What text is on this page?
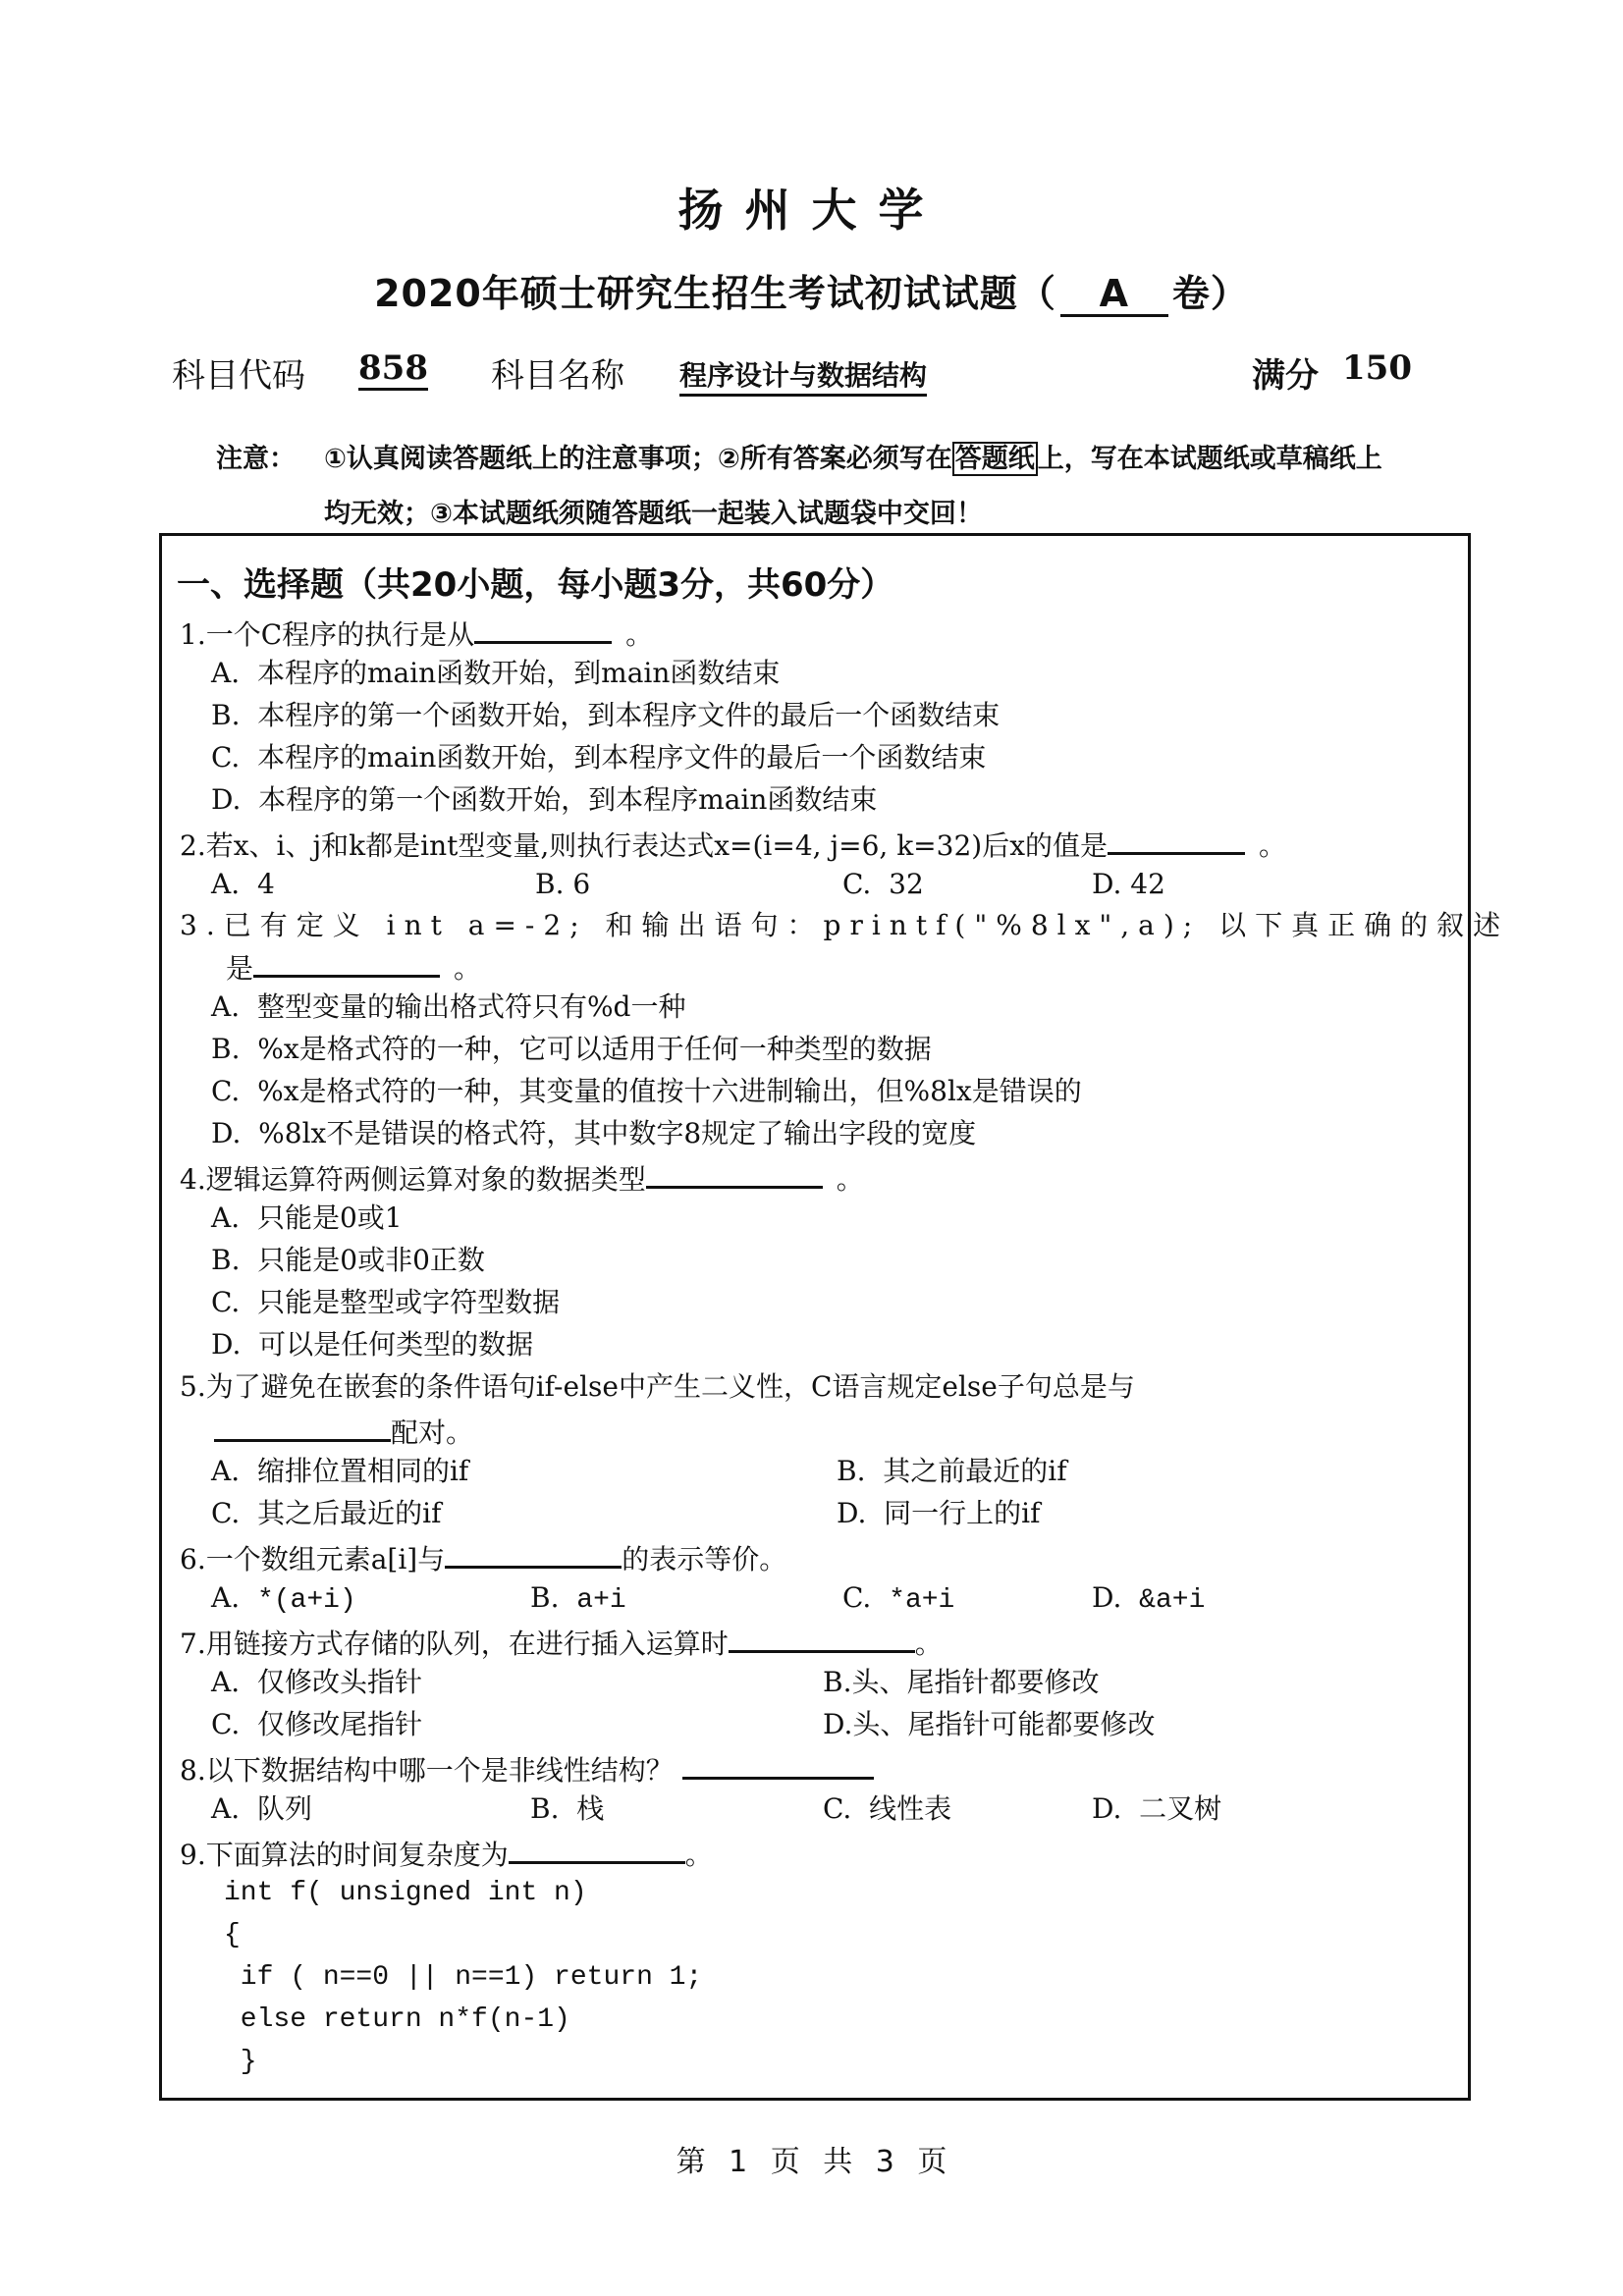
扬州大学
2020年硕士研究生招生考试初试试题（ A 卷）
科目代码 858 科目名称 程序设计与数据结构	满分 150
注意： ①认真阅读答题纸上的注意事项；②所有答案必须写在 答题纸 上，写在本试题纸或草稿纸上
均无效；③本试题纸须随答题纸一起装入试题袋中交回！
一、选择题（共20小题，每小题3分，共60分）
1.一个C程序的执行是从	。
A. 本程序的main函数开始，到main函数结束
B. 本程序的第一个函数开始，到本程序文件的最后一个函数结束
C. 本程序的main函数开始，到本程序文件的最后一个函数结束
D. 本程序的第一个函数开始，到本程序main函数结束
2.若x、i、j和k都是int型变量,则执行表达式x=(i=4, j=6, k=32)后x的值是	。
A. 4	B. 6	C. 32	D. 42
3.已有定义 int a=-2; 和输出语句：printf("%8lx",a); 以下真正确的叙述
是	。
A. 整型变量的输出格式符只有%d一种
B. %x是格式符的一种，它可以适用于任何一种类型的数据
C. %x是格式符的一种，其变量的值按十六进制输出，但%8lx是错误的
D. %8lx不是错误的格式符，其中数字8规定了输出字段的宽度
4.逻辑运算符两侧运算对象的数据类型	。
A. 只能是0或1
B. 只能是0或非0正数
C. 只能是整型或字符型数据
D. 可以是任何类型的数据
5.为了避免在嵌套的条件语句if-else中产生二义性，C语言规定else子句总是与
配对。
A. 缩排位置相同的if	B. 其之前最近的if
C. 其之后最近的if	D. 同一行上的if
6.一个数组元素a[i]与	的表示等价。
A. *(a+i)	B. a+i	C. *a+i	D. &a+i
7.用链接方式存储的队列，在进行插入运算时	。
A. 仅修改头指针	B.头、尾指针都要修改
C. 仅修改尾指针	D.头、尾指针可能都要修改
8.以下数据结构中哪一个是非线性结构？
A. 队列	B. 栈	C. 线性表	D. 二叉树
9.下面算法的时间复杂度为	。
int f( unsigned int n)
{
if ( n==0 || n==1) return 1;
else return n*f(n-1)
}
第 1 页 共 3 页
